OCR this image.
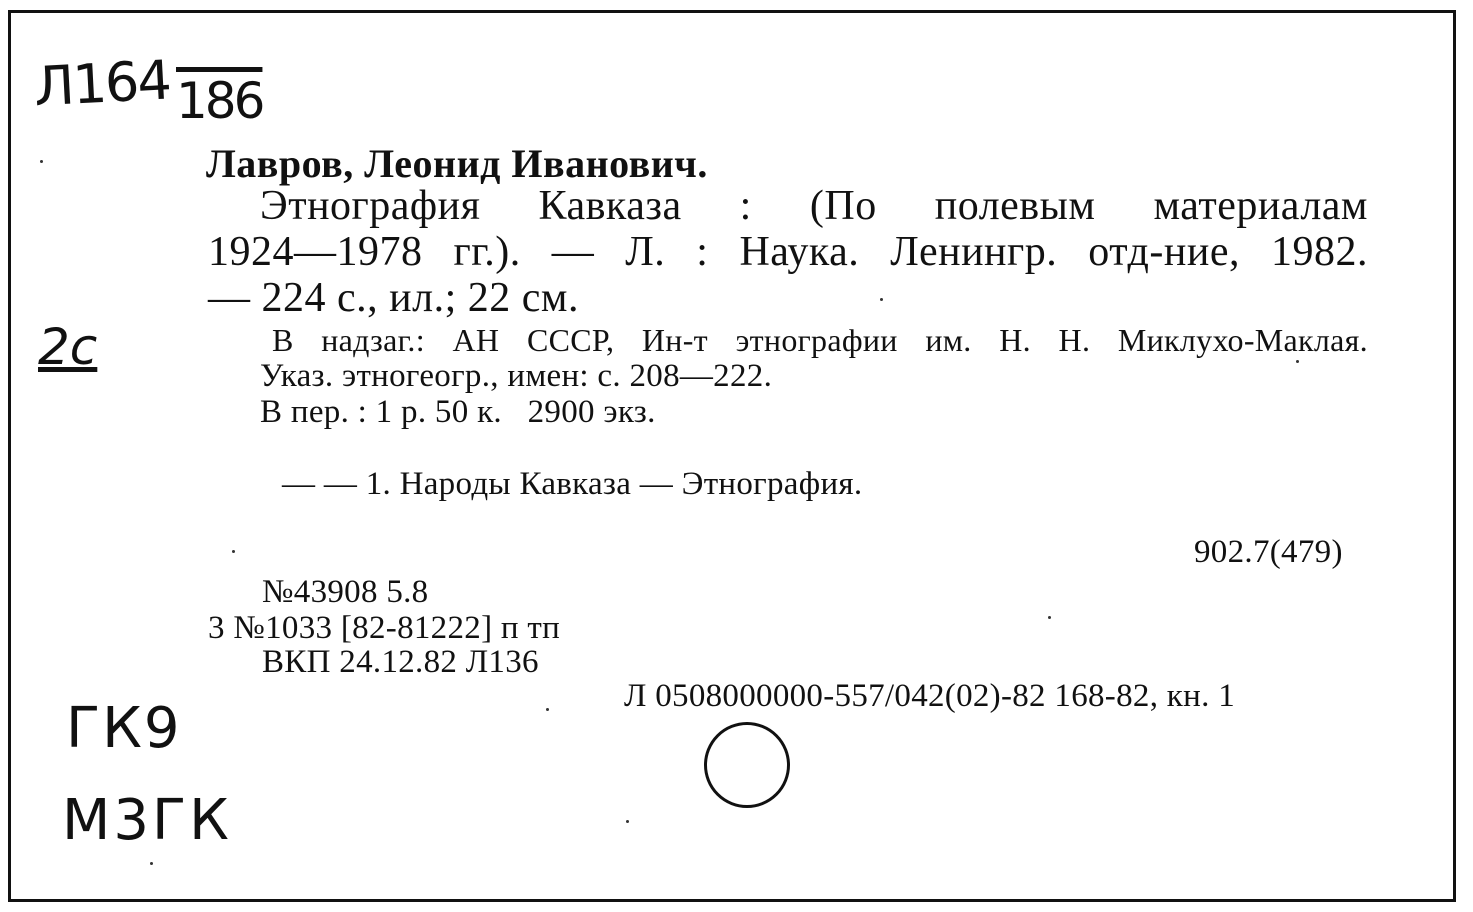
Л164 186
2с
ГК9
М3ГК
Лавров, Леонид Иванович.
Этнография Кавказа : (По полевым материалам
1924—1978 гг.). — Л. : Наука. Ленингр. отд-ние, 1982.
— 224 с., ил.; 22 см.
В надзаг.: АН СССР, Ин-т этнографии им. Н. Н. Миклухо-Маклая.
Указ. этногеогр., имен: с. 208—222.
В пер. : 1 р. 50 к.   2900 экз.
— — 1. Народы Кавказа — Этнография.
902.7(479)
№43908 5.8
3 №1033 [82-81222] п тп
ВКП 24.12.82 Л136
Л 0508000000-557/042(02)-82 168-82, кн. 1
